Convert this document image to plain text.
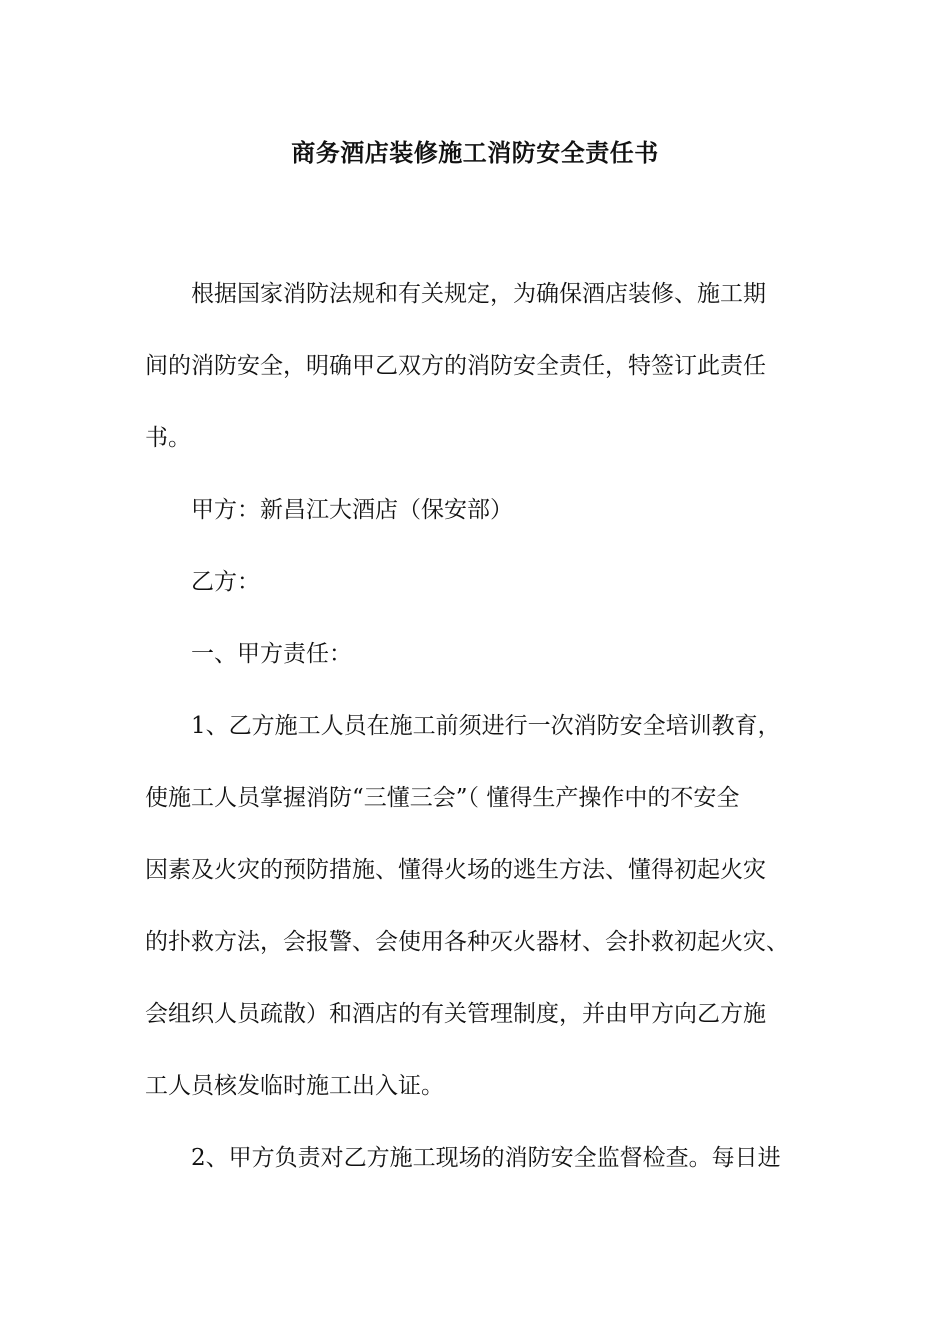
商务酒店装修施工消防安全责任书

根据国家消防法规和有关规定，为确保酒店装修、施工期
间的消防安全，明确甲乙双方的消防安全责任，特签订此责任
书。

甲方：新昌江大酒店（保安部）

乙方：

一、甲方责任：

1、乙方施工人员在施工前须进行一次消防安全培训教育，
使施工人员掌握消防“三懂三会”（ 懂得生产操作中的不安全
因素及火灾的预防措施、懂得火场的逃生方法、懂得初起火灾
的扑救方法，会报警、会使用各种灭火器材、会扑救初起火灾、
会组织人员疏散）和酒店的有关管理制度，并由甲方向乙方施
工人员核发临时施工出入证。

2、甲方负责对乙方施工现场的消防安全监督检查。每日进
